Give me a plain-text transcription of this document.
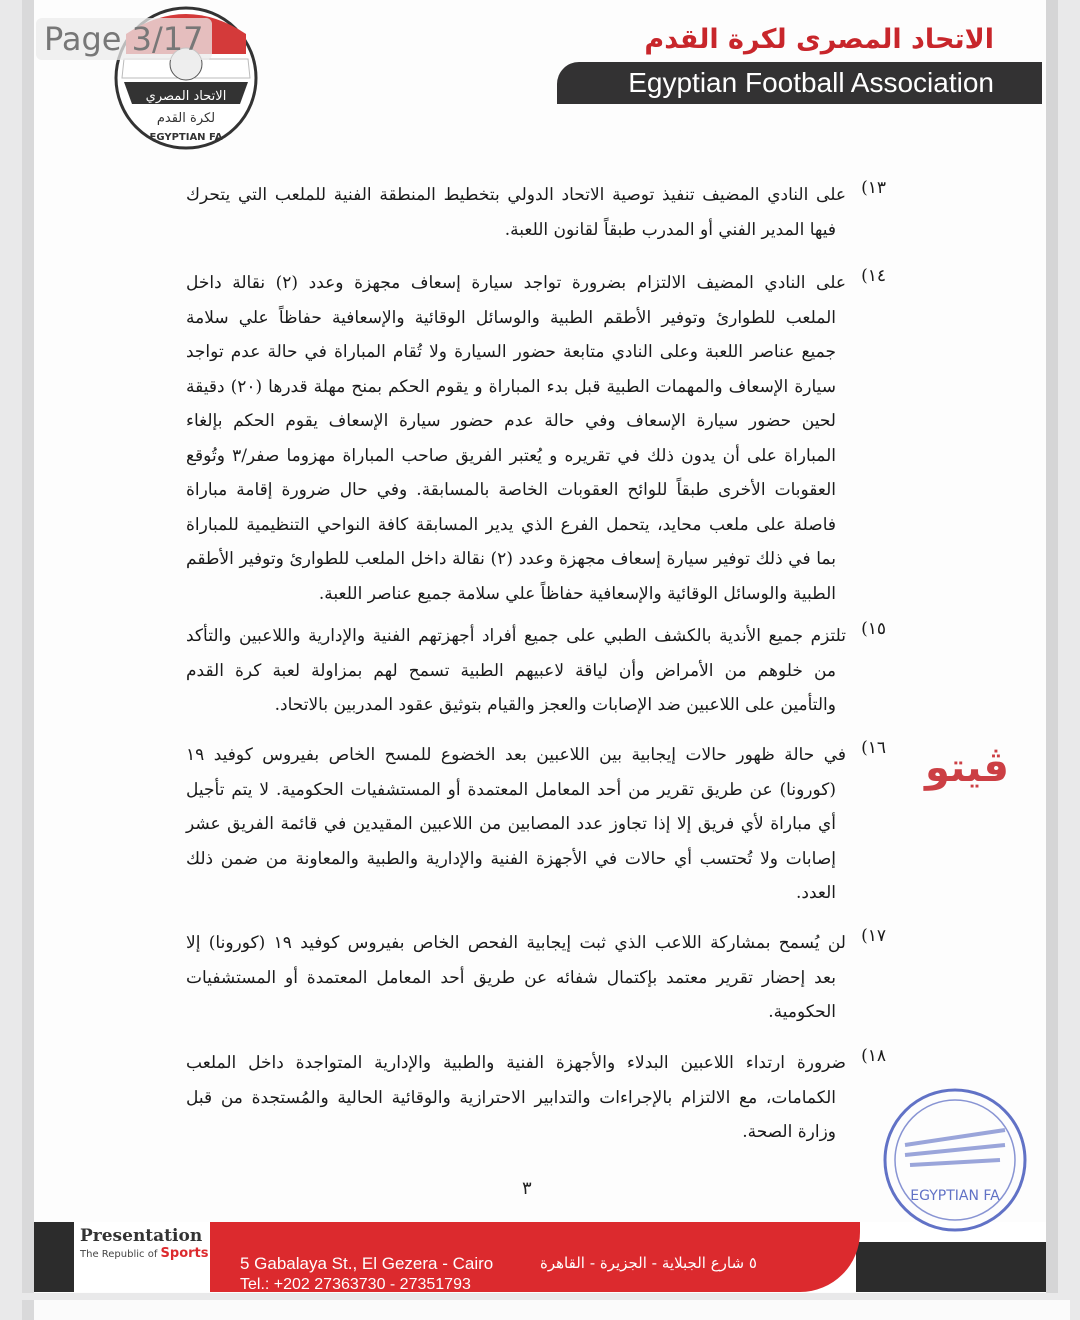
Page 3/17
الاتحاد المصري
لكرة القدم
EGYPTIAN FA
الاتحاد المصرى لكرة القدم
Egyptian Football Association
١٣)
على النادي المضيف تنفيذ توصية الاتحاد الدولي بتخطيط المنطقة الفنية للملعب التي يتحرك
فيها المدير الفني أو المدرب طبقاً لقانون اللعبة.
١٤)
على النادي المضيف الالتزام بضرورة تواجد سيارة إسعاف مجهزة وعدد (٢) نقالة داخل
الملعب للطوارئ وتوفير الأطقم الطبية والوسائل الوقائية والإسعافية حفاظاً علي سلامة
جميع عناصر اللعبة وعلى النادي متابعة حضور السيارة ولا تُقام المباراة في حالة عدم تواجد
سيارة الإسعاف والمهمات الطبية قبل بدء المباراة و يقوم الحكم بمنح مهلة قدرها (٢٠) دقيقة
لحين حضور سيارة الإسعاف وفي حالة عدم حضور سيارة الإسعاف يقوم الحكم بإلغاء
المباراة على أن يدون ذلك في تقريره و يُعتبر الفريق صاحب المباراة مهزوما صفر/٣ وتُوقع
العقوبات الأخرى طبقاً للوائح العقوبات الخاصة بالمسابقة. وفي حال ضرورة إقامة مباراة
فاصلة على ملعب محايد، يتحمل الفرع الذي يدير المسابقة كافة النواحي التنظيمية للمباراة
بما في ذلك توفير سيارة إسعاف مجهزة وعدد (٢) نقالة داخل الملعب للطوارئ وتوفير الأطقم
الطبية والوسائل الوقائية والإسعافية حفاظاً علي سلامة جميع عناصر اللعبة.
١٥)
تلتزم جميع الأندية بالكشف الطبي على جميع أفراد أجهزتهم الفنية والإدارية واللاعبين والتأكد
من خلوهم من الأمراض وأن لياقة لاعبيهم الطبية تسمح لهم بمزاولة لعبة كرة القدم
والتأمين على اللاعبين ضد الإصابات والعجز والقيام بتوثيق عقود المدربين بالاتحاد.
١٦)
في حالة ظهور حالات إيجابية بين اللاعبين بعد الخضوع للمسح الخاص بفيروس كوفيد ١٩
(كورونا) عن طريق تقرير من أحد المعامل المعتمدة أو المستشفيات الحكومية. لا يتم تأجيل
أي مباراة لأي فريق إلا إذا تجاوز عدد المصابين من اللاعبين المقيدين في قائمة الفريق عشر
إصابات ولا تُحتسب أي حالات في الأجهزة الفنية والإدارية والطبية والمعاونة من ضمن ذلك
العدد.
١٧)
لن يُسمح بمشاركة اللاعب الذي ثبت إيجابية الفحص الخاص بفيروس كوفيد ١٩ (كورونا) إلا
بعد إحضار تقرير معتمد بإكتمال شفائه عن طريق أحد المعامل المعتمدة أو المستشفيات
الحكومية.
١٨)
ضرورة ارتداء اللاعبين البدلاء والأجهزة الفنية والطبية والإدارية المتواجدة داخل الملعب
الكمامات، مع الالتزام بالإجراءات والتدابير الاحترازية والوقائية الحالية والمُستجدة من قبل
وزارة الصحة.
ڤيتو
٣
Presentation
The Republic of Sports
5 Gabalaya St., El Gezera - Cairo	٥ شارع الجبلاية - الجزيرة - القاهرة
Tel.: +202 27363730 - 27351793
EGYPTIAN FA
